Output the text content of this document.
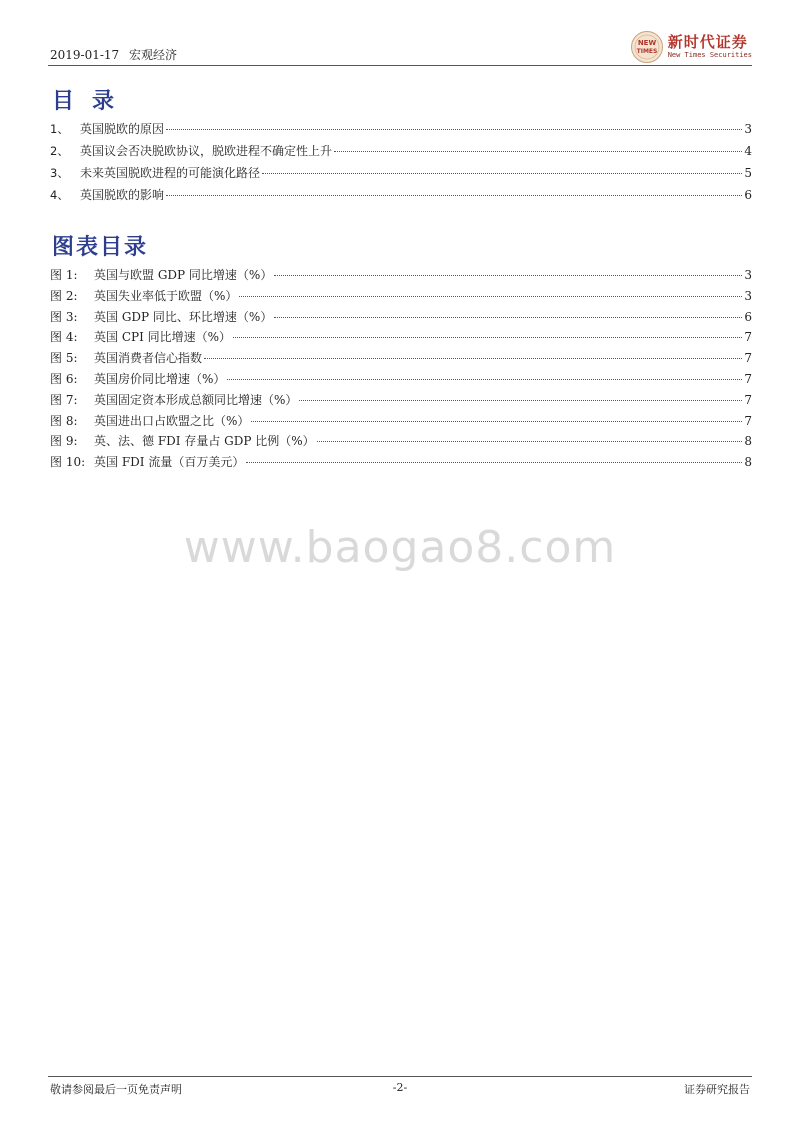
2019-01-17 宏观经济
NEW
TIMES
新时代证券
New Times Securities
目录
1、 英国脱欧的原因	3
2、 英国议会否决脱欧协议，脱欧进程不确定性上升	4
3、 未来英国脱欧进程的可能演化路径	5
4、 英国脱欧的影响	6
图表目录
图 1:	英国与欧盟 GDP 同比增速（%）	3
图 2:	英国失业率低于欧盟（%）	3
图 3:	英国 GDP 同比、环比增速（%）	6
图 4:	英国 CPI 同比增速（%）	7
图 5:	英国消费者信心指数	7
图 6:	英国房价同比增速（%）	7
图 7:	英国固定资本形成总额同比增速（%）	7
图 8:	英国进出口占欧盟之比（%）	7
图 9:	英、法、德 FDI 存量占 GDP 比例（%）	8
图 10: 英国 FDI 流量（百万美元）	8
www.baogao8.com
敬请参阅最后一页免责声明	-2-	证券研究报告
